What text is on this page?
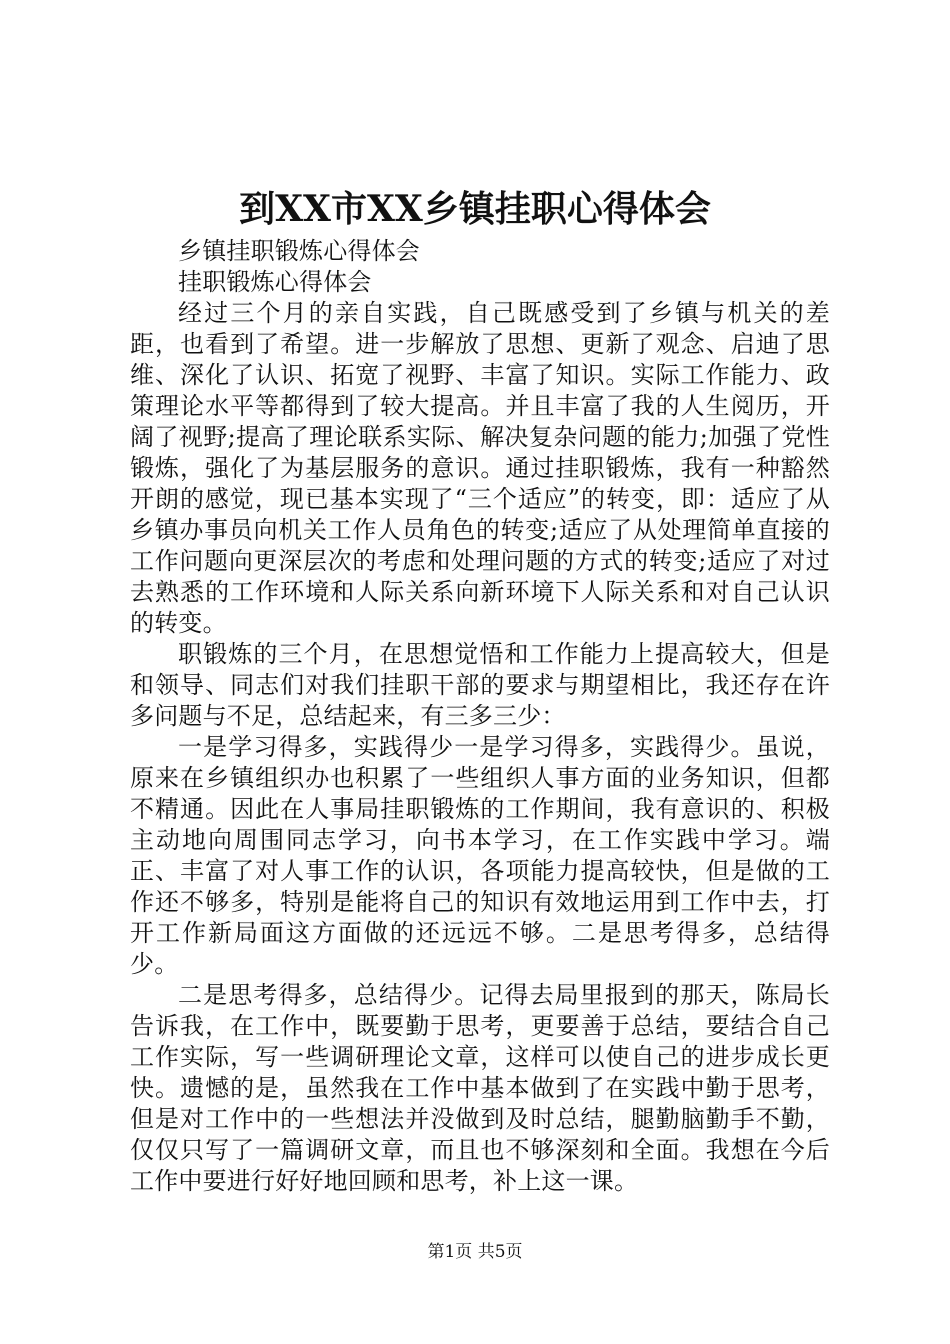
到XX市XX乡镇挂职心得体会

乡镇挂职锻炼心得体会

挂职锻炼心得体会

经过三个月的亲自实践，自己既感受到了乡镇与机关的差距，也看到了希望。进一步解放了思想、更新了观念、启迪了思维、深化了认识、拓宽了视野、丰富了知识。实际工作能力、政策理论水平等都得到了较大提高。并且丰富了我的人生阅历，开阔了视野;提高了理论联系实际、解决复杂问题的能力;加强了党性锻炼，强化了为基层服务的意识。通过挂职锻炼，我有一种豁然开朗的感觉，现已基本实现了“三个适应”的转变，即：适应了从乡镇办事员向机关工作人员角色的转变;适应了从处理简单直接的工作问题向更深层次的考虑和处理问题的方式的转变;适应了对过去熟悉的工作环境和人际关系向新环境下人际关系和对自己认识的转变。

职锻炼的三个月，在思想觉悟和工作能力上提高较大，但是和领导、同志们对我们挂职干部的要求与期望相比，我还存在许多问题与不足，总结起来，有三多三少：

一是学习得多，实践得少一是学习得多，实践得少。虽说，原来在乡镇组织办也积累了一些组织人事方面的业务知识，但都不精通。因此在人事局挂职锻炼的工作期间，我有意识的、积极主动地向周围同志学习，向书本学习，在工作实践中学习。端正、丰富了对人事工作的认识，各项能力提高较快，但是做的工作还不够多，特别是能将自己的知识有效地运用到工作中去，打开工作新局面这方面做的还远远不够。二是思考得多，总结得少。

二是思考得多，总结得少。记得去局里报到的那天，陈局长告诉我，在工作中，既要勤于思考，更要善于总结，要结合自己工作实际，写一些调研理论文章，这样可以使自己的进步成长更快。遗憾的是，虽然我在工作中基本做到了在实践中勤于思考，但是对工作中的一些想法并没做到及时总结，腿勤脑勤手不勤，仅仅只写了一篇调研文章，而且也不够深刻和全面。我想在今后工作中要进行好好地回顾和思考，补上这一课。

第1页 共5页
